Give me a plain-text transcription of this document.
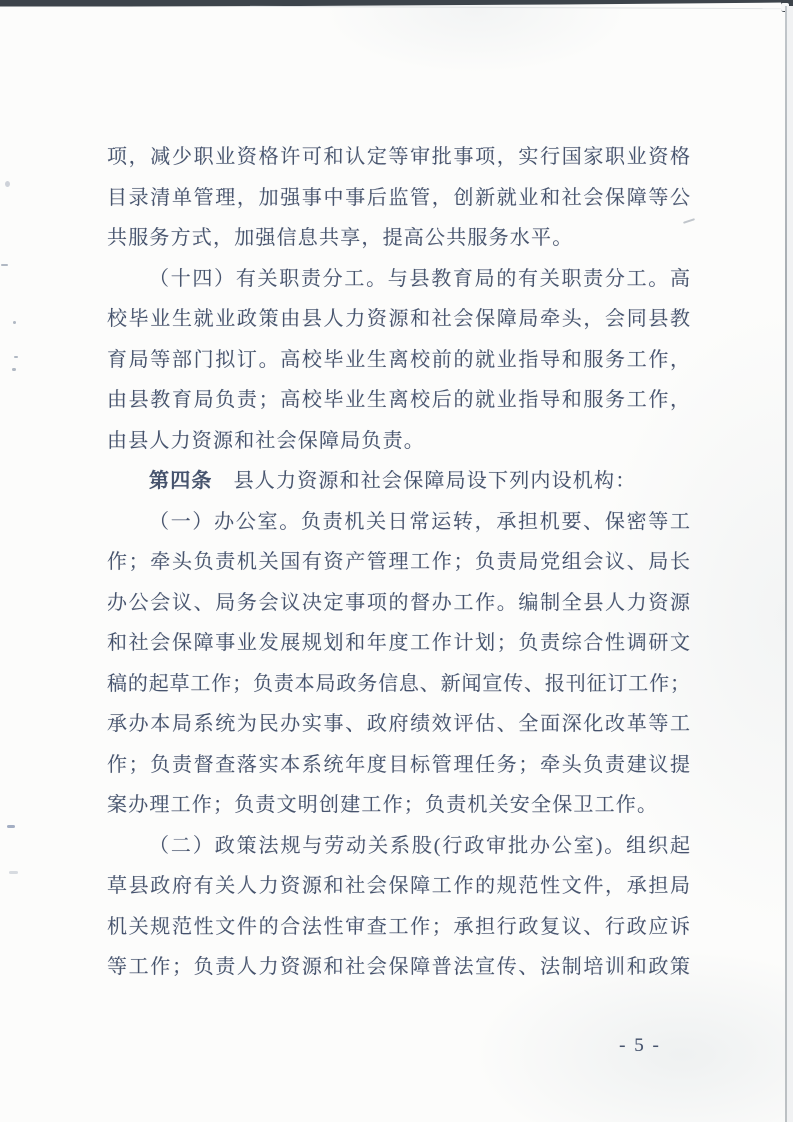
项，减少职业资格许可和认定等审批事项，实行国家职业资格
目录清单管理，加强事中事后监管，创新就业和社会保障等公
共服务方式，加强信息共享，提高公共服务水平。
（十四）有关职责分工。与县教育局的有关职责分工。高
校毕业生就业政策由县人力资源和社会保障局牵头，会同县教
育局等部门拟订。高校毕业生离校前的就业指导和服务工作，
由县教育局负责；高校毕业生离校后的就业指导和服务工作，
由县人力资源和社会保障局负责。
第四条 县人力资源和社会保障局设下列内设机构：
（一）办公室。负责机关日常运转，承担机要、保密等工
作；牵头负责机关国有资产管理工作；负责局党组会议、局长
办公会议、局务会议决定事项的督办工作。编制全县人力资源
和社会保障事业发展规划和年度工作计划；负责综合性调研文
稿的起草工作；负责本局政务信息、新闻宣传、报刊征订工作；
承办本局系统为民办实事、政府绩效评估、全面深化改革等工
作；负责督查落实本系统年度目标管理任务；牵头负责建议提
案办理工作；负责文明创建工作；负责机关安全保卫工作。
（二）政策法规与劳动关系股(行政审批办公室)。组织起
草县政府有关人力资源和社会保障工作的规范性文件，承担局
机关规范性文件的合法性审查工作；承担行政复议、行政应诉
等工作；负责人力资源和社会保障普法宣传、法制培训和政策
- 5 -
